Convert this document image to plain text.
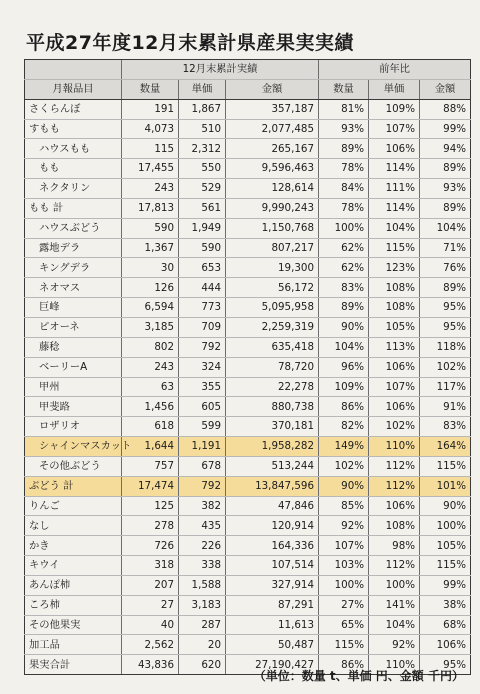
平成27年度12月末累計県産果実実績
	12月末累計実績			前年比		
月報品目	数量	単価	金額	数量	単価	金額
さくらんぼ	191	1,867	357,187	81%	109%	88%
すもも	4,073	510	2,077,485	93%	107%	99%
ハウスもも	115	2,312	265,167	89%	106%	94%
もも	17,455	550	9,596,463	78%	114%	89%
ネクタリン	243	529	128,614	84%	111%	93%
もも 計	17,813	561	9,990,243	78%	114%	89%
ハウスぶどう	590	1,949	1,150,768	100%	104%	104%
露地デラ	1,367	590	807,217	62%	115%	71%
キングデラ	30	653	19,300	62%	123%	76%
ネオマス	126	444	56,172	83%	108%	89%
巨峰	6,594	773	5,095,958	89%	108%	95%
ピオーネ	3,185	709	2,259,319	90%	105%	95%
藤稔	802	792	635,418	104%	113%	118%
ベーリーA	243	324	78,720	96%	106%	102%
甲州	63	355	22,278	109%	107%	117%
甲斐路	1,456	605	880,738	86%	106%	91%
ロザリオ	618	599	370,181	82%	102%	83%
シャインマスカット	1,644	1,191	1,958,282	149%	110%	164%
その他ぶどう	757	678	513,244	102%	112%	115%
ぶどう 計	17,474	792	13,847,596	90%	112%	101%
りんご	125	382	47,846	85%	106%	90%
なし	278	435	120,914	92%	108%	100%
かき	726	226	164,336	107%	98%	105%
キウイ	318	338	107,514	103%	112%	115%
あんぽ柿	207	1,588	327,914	100%	100%	99%
ころ柿	27	3,183	87,291	27%	141%	38%
その他果実	40	287	11,613	65%	104%	68%
加工品	2,562	20	50,487	115%	92%	106%
果実合計	43,836	620	27,190,427	86%	110%	95%
（単位：数量 t、単価 円、金額 千円）
